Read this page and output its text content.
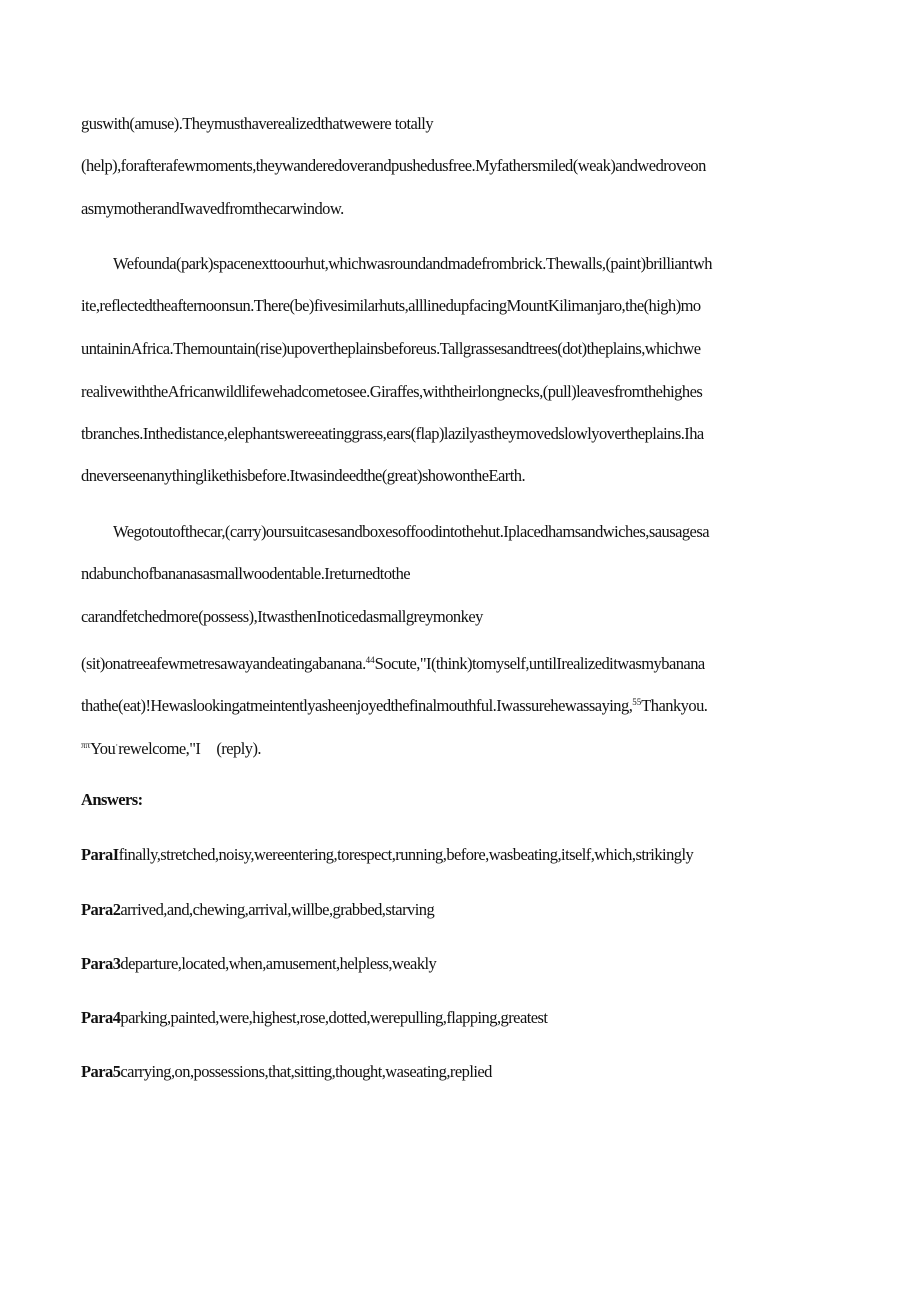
guswith(amuse).Theymusthaverealizedthatwewere totally
(help),forafterafewmoments,theywanderedoverandpushedusfree.Myfathersmiled(weak)andwedroveon
asmymotherandIwavedfromthecarwindow.
Wefounda(park)spacenexttoourhut,whichwasroundandmadefrombrick.Thewalls,(paint)brilliantwh
ite,reflectedtheafternoonsun.There(be)fivesimilarhuts,alllinedupfacingMountKilimanjaro,the(high)mo
untaininAfrica.Themountain(rise)upovertheplainsbeforeus.Tallgrassesandtrees(dot)theplains,whichwe
realivewiththeAfricanwildlifewehadcometosee.Giraffes,withtheirlongnecks,(pull)leavesfromthehighes
tbranches.Inthedistance,elephantswereeatinggrass,ears(flap)lazilyastheymovedslowlyovertheplains.Iha
dneverseenanythinglikethisbefore.Itwasindeedthe(great)showontheEarth.
Wegotoutofthecar,(carry)oursuitcasesandboxesoffoodintothehut.Iplacedhamsandwiches,sausagesa
ndabunchofbananasasmallwoodentable.Ireturnedtothe
carandfetchedmore(possess),ItwasthenInoticedasmallgreymonkey
(sit)onatreeafewmetresawayandeatingabanana.$^{44}$Socute,"I(think)tomyself,untilIrealizeditwasmybanana
thathe(eat)!Hewaslookingatmeintentlyasheenjoyedthefinalmouthful.Iwassurehewassaying,$^{55}$Thankyou.
$^{\pi\pi}$You·rewelcome,"I (reply).
Answers:
ParaIfinally,stretched,noisy,wereentering,torespect,running,before,wasbeating,itself,which,strikingly
Para2arrived,and,chewing,arrival,willbe,grabbed,starving
Para3departure,located,when,amusement,helpless,weakly
Para4parking,painted,were,highest,rose,dotted,werepulling,flapping,greatest
Para5carrying,on,possessions,that,sitting,thought,waseating,replied
